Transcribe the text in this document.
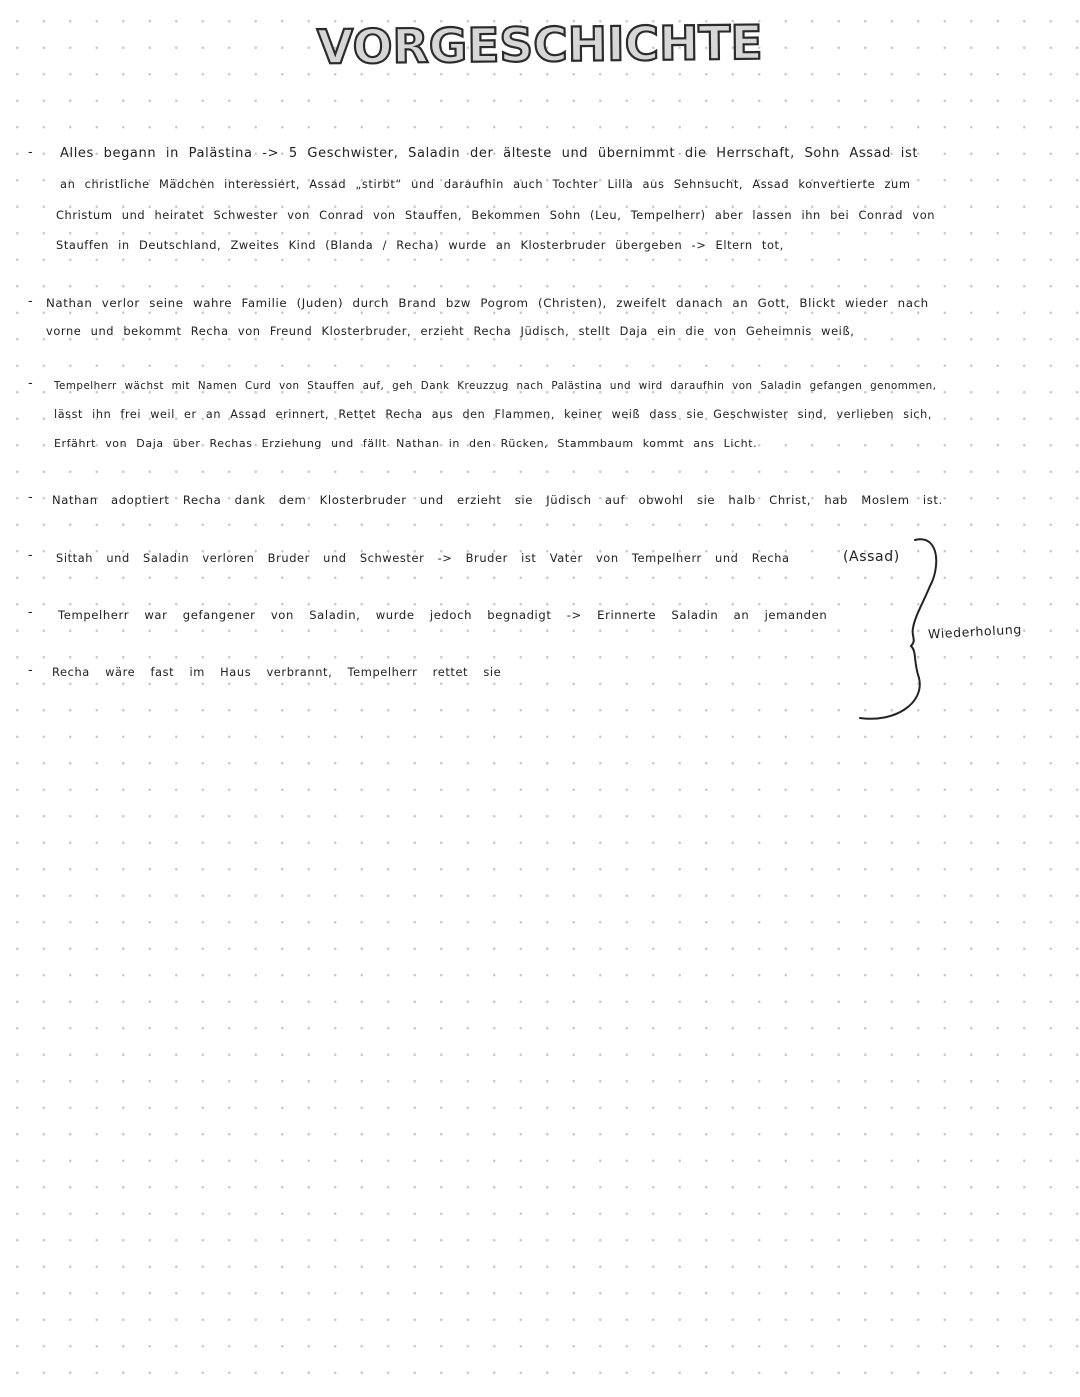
VORGESCHICHTE
- Alles begann in Palästina -> 5 Geschwister, Saladin der älteste und übernimmt die Herrschaft, Sohn Assad ist
an christliche Mädchen interessiert, Assad „stirbt“ und daraufhin auch Tochter Lilla aus Sehnsucht, Assad konvertierte zum
Christum und heiratet Schwester von Conrad von Stauffen, Bekommen Sohn (Leu, Tempelherr) aber lassen ihn bei Conrad von
Stauffen in Deutschland, Zweites Kind (Blanda / Recha) wurde an Klosterbruder übergeben -> Eltern tot,
- Nathan verlor seine wahre Familie (Juden) durch Brand bzw Pogrom (Christen), zweifelt danach an Gott, Blickt wieder nach
vorne und bekommt Recha von Freund Klosterbruder, erzieht Recha Jüdisch, stellt Daja ein die von Geheimnis weiß,
- Tempelherr wächst mit Namen Curd von Stauffen auf, geh Dank Kreuzzug nach Palästina und wird daraufhin von Saladin gefangen genommen,
lässt ihn frei weil er an Assad erinnert, Rettet Recha aus den Flammen, keiner weiß dass sie Geschwister sind, verlieben sich,
Erfährt von Daja über Rechas Erziehung und fällt Nathan in den Rücken, Stammbaum kommt ans Licht.
- Nathan adoptiert Recha dank dem Klosterbruder und erzieht sie Jüdisch auf obwohl sie halb Christ, hab Moslem ist.
- Sittah und Saladin verloren Bruder und Schwester -> Bruder ist Vater von Tempelherr und Recha	(Assad)
- Tempelherr war gefangener von Saladin, wurde jedoch begnadigt -> Erinnerte Saladin an jemanden
- Recha wäre fast im Haus verbrannt, Tempelherr rettet sie
Wiederholung
